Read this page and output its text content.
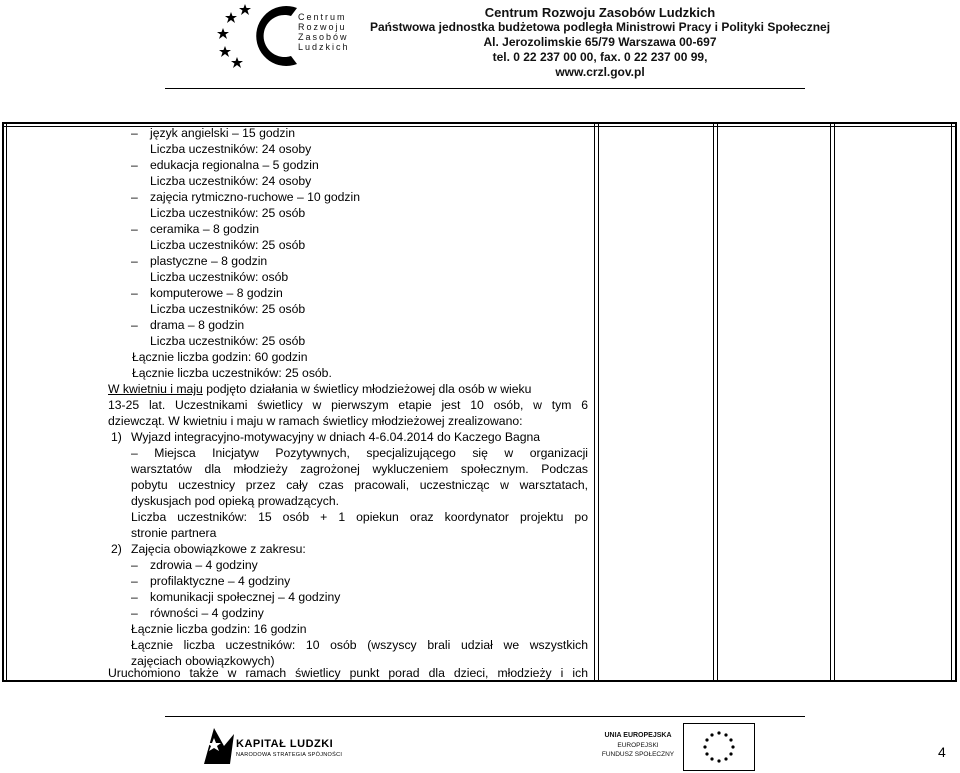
Centrum
Rozwoju
Zasobów
Ludzkich
Centrum Rozwoju Zasobów Ludzkich
Państwowa jednostka budżetowa podległa Ministrowi Pracy i Polityki Społecznej
Al. Jerozolimskie 65/79 Warszawa 00-697
tel. 0 22 237 00 00, fax. 0 22 237 00 99,
www.crzl.gov.pl
– język angielski – 15 godzin
Liczba uczestników: 24 osoby
– edukacja regionalna – 5 godzin
Liczba uczestników: 24 osoby
– zajęcia rytmiczno-ruchowe – 10 godzin
Liczba uczestników: 25 osób
– ceramika – 8 godzin
Liczba uczestników: 25 osób
– plastyczne – 8 godzin
Liczba uczestników: osób
– komputerowe – 8 godzin
Liczba uczestników: 25 osób
– drama – 8 godzin
Liczba uczestników: 25 osób
Łącznie liczba godzin: 60 godzin
Łącznie liczba uczestników: 25 osób.
W kwietniu i maju podjęto działania w świetlicy młodzieżowej dla osób w wieku
13-25 lat. Uczestnikami świetlicy w pierwszym etapie jest 10 osób, w tym 6
dziewcząt. W kwietniu i maju w ramach świetlicy młodzieżowej zrealizowano:
1) Wyjazd integracyjno-motywacyjny w dniach 4-6.04.2014 do Kaczego Bagna
– Miejsca Inicjatyw Pozytywnych, specjalizującego się w organizacji
warsztatów dla młodzieży zagrożonej wykluczeniem społecznym. Podczas
pobytu uczestnicy przez cały czas pracowali, uczestnicząc w warsztatach,
dyskusjach pod opieką prowadzących.
Liczba uczestników: 15 osób + 1 opiekun oraz koordynator projektu po
stronie partnera
2) Zajęcia obowiązkowe z zakresu:
– zdrowia – 4 godziny
– profilaktyczne – 4 godziny
– komunikacji społecznej – 4 godziny
– równości – 4 godziny
Łącznie liczba godzin: 16 godzin
Łącznie liczba uczestników: 10 osób (wszyscy brali udział we wszystkich
zajęciach obowiązkowych)
Uruchomiono także w ramach świetlicy punkt porad dla dzieci, młodzieży i ich
KAPITAŁ LUDZKI
NARODOWA STRATEGIA SPÓJNOŚCI
UNIA EUROPEJSKA
EUROPEJSKI
FUNDUSZ SPOŁECZNY	4
